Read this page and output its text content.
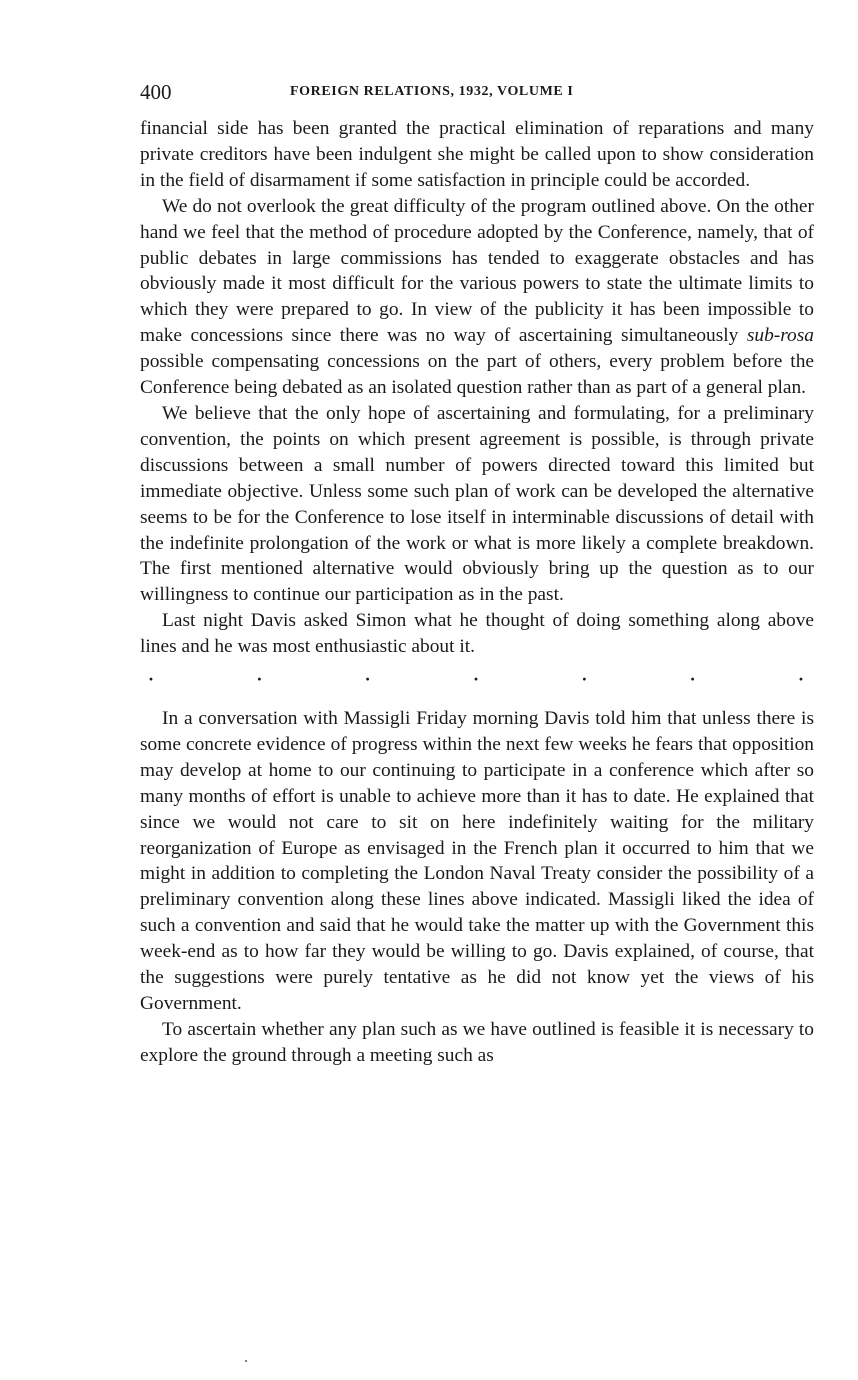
400	FOREIGN RELATIONS, 1932, VOLUME I

financial side has been granted the practical elimination of reparations and many private creditors have been indulgent she might be called upon to show consideration in the field of disarmament if some satisfaction in principle could be accorded.

We do not overlook the great difficulty of the program outlined above. On the other hand we feel that the method of procedure adopted by the Conference, namely, that of public debates in large commissions has tended to exaggerate obstacles and has obviously made it most difficult for the various powers to state the ultimate limits to which they were prepared to go. In view of the publicity it has been impossible to make concessions since there was no way of ascertaining simultaneously sub-rosa possible compensating concessions on the part of others, every problem before the Conference being debated as an isolated question rather than as part of a general plan.

We believe that the only hope of ascertaining and formulating, for a preliminary convention, the points on which present agreement is possible, is through private discussions between a small number of powers directed toward this limited but immediate objective. Unless some such plan of work can be developed the alternative seems to be for the Conference to lose itself in interminable discussions of detail with the indefinite prolongation of the work or what is more likely a complete breakdown. The first mentioned alternative would obviously bring up the question as to our willingness to continue our participation as in the past.

Last night Davis asked Simon what he thought of doing something along above lines and he was most enthusiastic about it.

·	·	·	·	·	·	·

In a conversation with Massigli Friday morning Davis told him that unless there is some concrete evidence of progress within the next few weeks he fears that opposition may develop at home to our continuing to participate in a conference which after so many months of effort is unable to achieve more than it has to date. He explained that since we would not care to sit on here indefinitely waiting for the military reorganization of Europe as envisaged in the French plan it occurred to him that we might in addition to completing the London Naval Treaty consider the possibility of a preliminary convention along these lines above indicated. Massigli liked the idea of such a convention and said that he would take the matter up with the Government this week-end as to how far they would be willing to go. Davis explained, of course, that the suggestions were purely tentative as he did not know yet the views of his Government.

To ascertain whether any plan such as we have outlined is feasible it is necessary to explore the ground through a meeting such as
